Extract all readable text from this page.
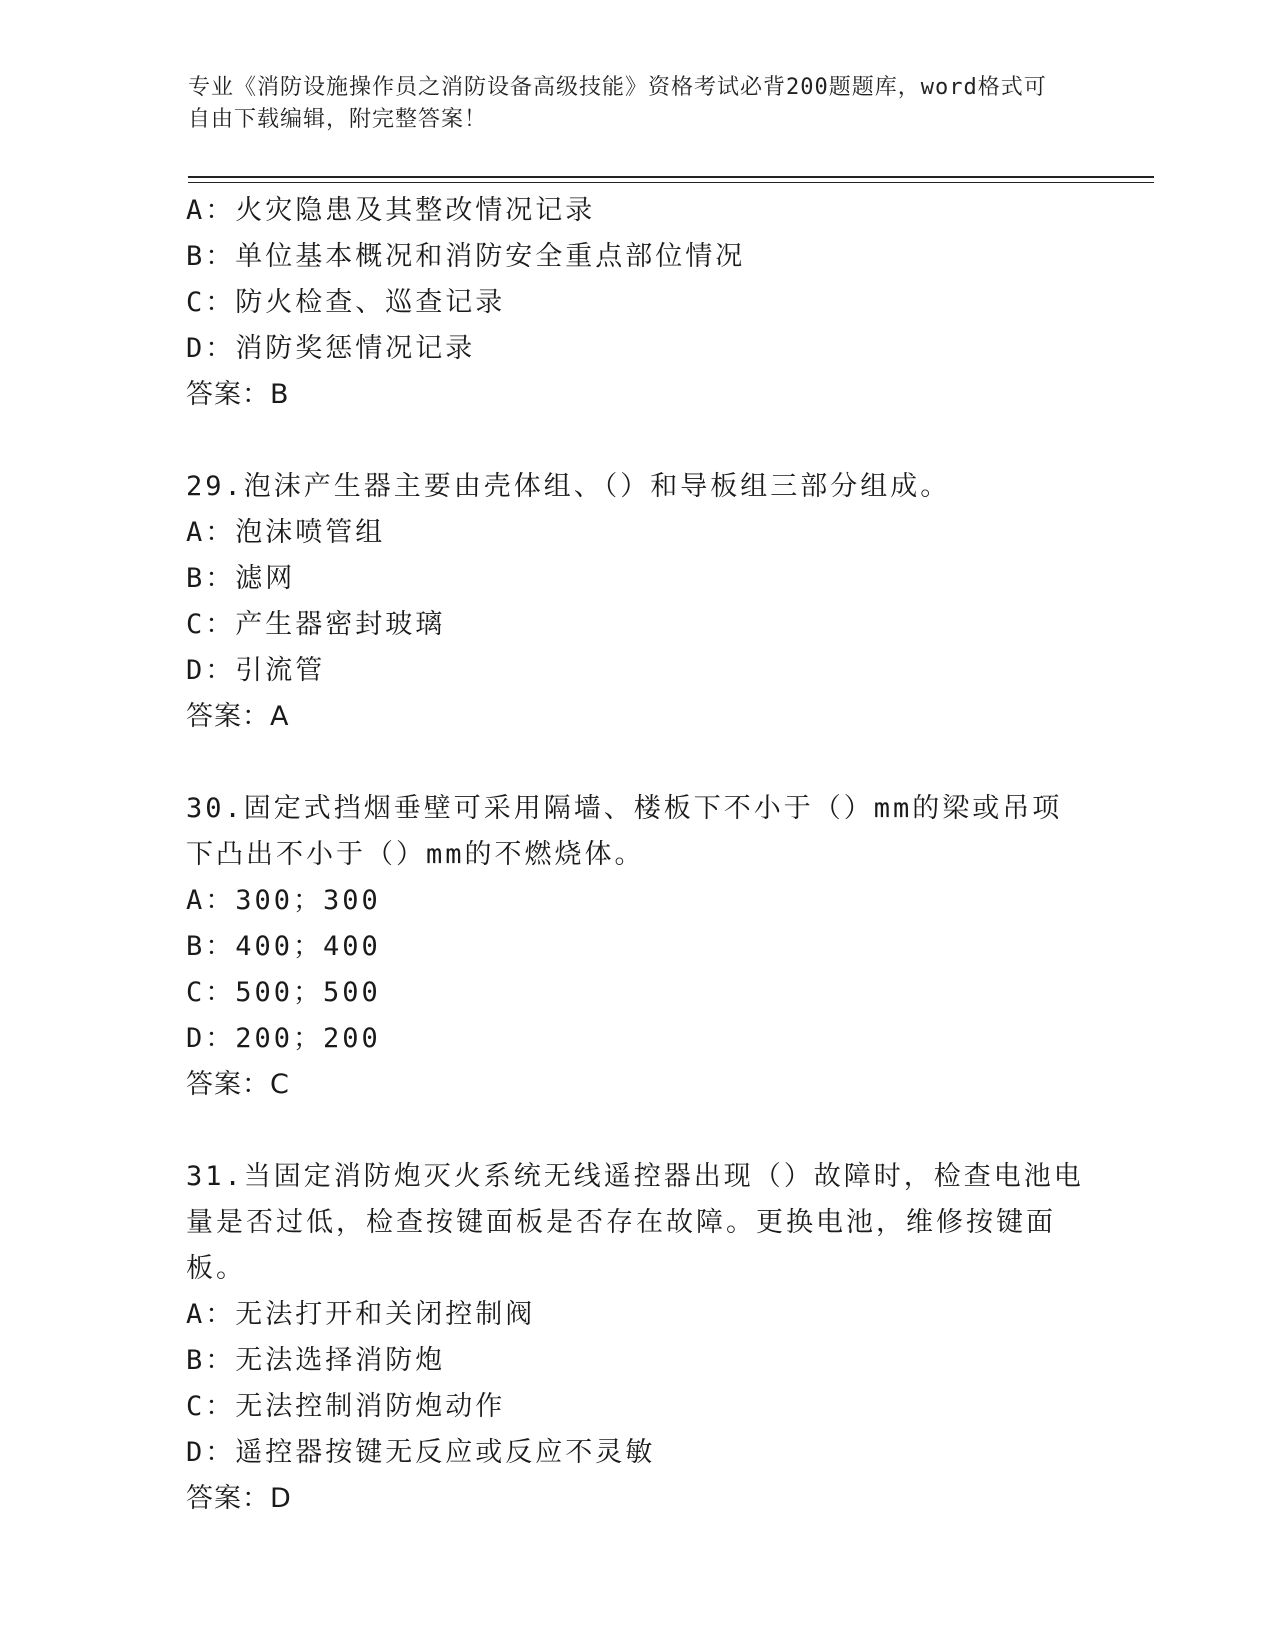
专业《消防设施操作员之消防设备高级技能》资格考试必背200题题库，word格式可自由下载编辑，附完整答案！
A：火灾隐患及其整改情况记录
B：单位基本概况和消防安全重点部位情况
C：防火检查、巡查记录
D：消防奖惩情况记录
答案：B
29.泡沫产生器主要由壳体组、（）和导板组三部分组成。
A：泡沫喷管组
B：滤网
C：产生器密封玻璃
D：引流管
答案：A
30.固定式挡烟垂壁可采用隔墙、楼板下不小于（）mm的梁或吊项下凸出不小于（）mm的不燃烧体。
A：300；300
B：400；400
C：500；500
D：200；200
答案：C
31.当固定消防炮灭火系统无线遥控器出现（）故障时，检查电池电量是否过低，检查按键面板是否存在故障。更换电池，维修按键面板。
A：无法打开和关闭控制阀
B：无法选择消防炮
C：无法控制消防炮动作
D：遥控器按键无反应或反应不灵敏
答案：D
